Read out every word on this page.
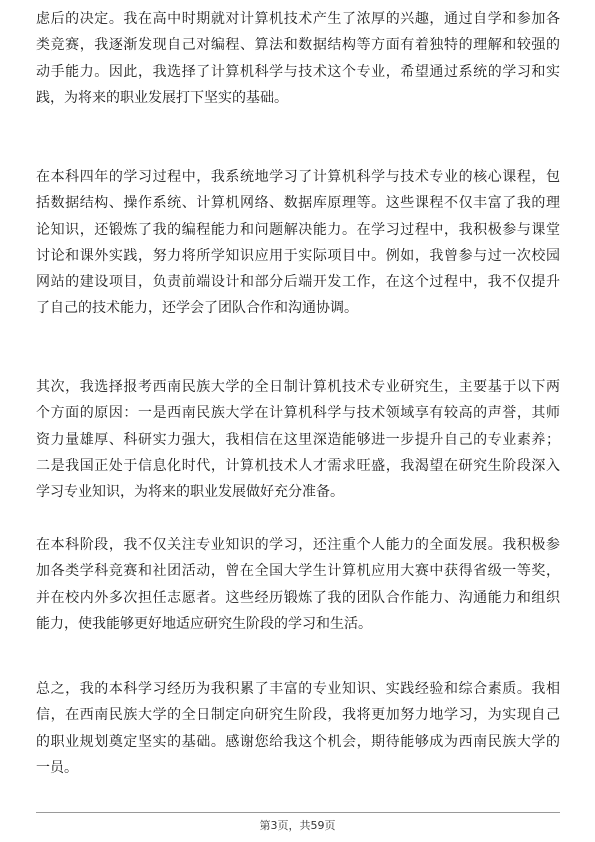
虑后的决定。我在高中时期就对计算机技术产生了浓厚的兴趣，通过自学和参加各
类竞赛，我逐渐发现自己对编程、算法和数据结构等方面有着独特的理解和较强的
动手能力。因此，我选择了计算机科学与技术这个专业，希望通过系统的学习和实
践，为将来的职业发展打下坚实的基础。
在本科四年的学习过程中，我系统地学习了计算机科学与技术专业的核心课程，包
括数据结构、操作系统、计算机网络、数据库原理等。这些课程不仅丰富了我的理
论知识，还锻炼了我的编程能力和问题解决能力。在学习过程中，我积极参与课堂
讨论和课外实践，努力将所学知识应用于实际项目中。例如，我曾参与过一次校园
网站的建设项目，负责前端设计和部分后端开发工作，在这个过程中，我不仅提升
了自己的技术能力，还学会了团队合作和沟通协调。
其次，我选择报考西南民族大学的全日制计算机技术专业研究生，主要基于以下两
个方面的原因：一是西南民族大学在计算机科学与技术领域享有较高的声誉，其师
资力量雄厚、科研实力强大，我相信在这里深造能够进一步提升自己的专业素养；
二是我国正处于信息化时代，计算机技术人才需求旺盛，我渴望在研究生阶段深入
学习专业知识，为将来的职业发展做好充分准备。
在本科阶段，我不仅关注专业知识的学习，还注重个人能力的全面发展。我积极参
加各类学科竞赛和社团活动，曾在全国大学生计算机应用大赛中获得省级一等奖，
并在校内外多次担任志愿者。这些经历锻炼了我的团队合作能力、沟通能力和组织
能力，使我能够更好地适应研究生阶段的学习和生活。
总之，我的本科学习经历为我积累了丰富的专业知识、实践经验和综合素质。我相
信，在西南民族大学的全日制定向研究生阶段，我将更加努力地学习，为实现自己
的职业规划奠定坚实的基础。感谢您给我这个机会，期待能够成为西南民族大学的
一员。
第3页，共59页
